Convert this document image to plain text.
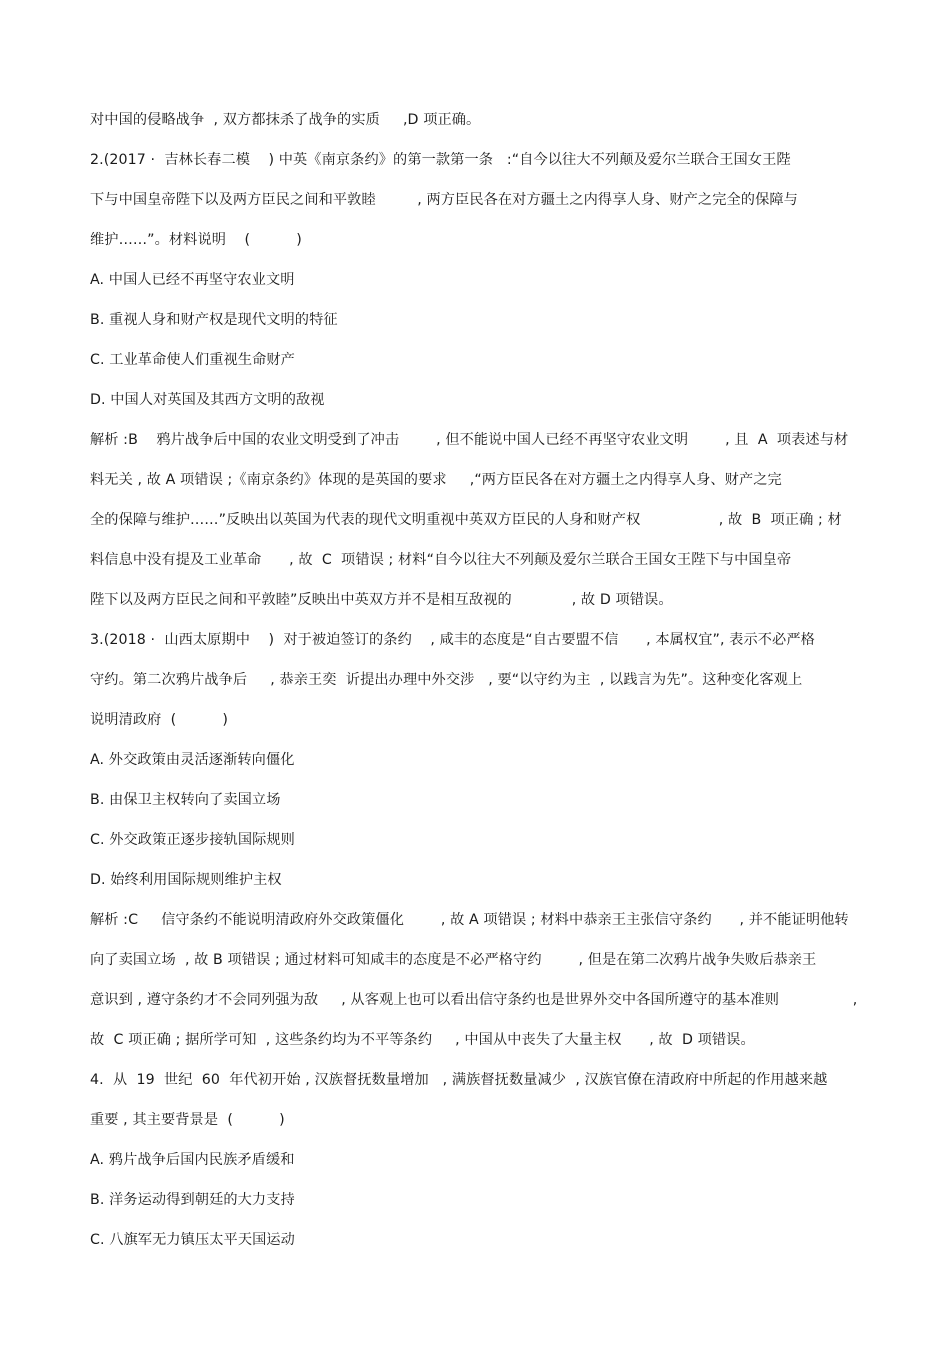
对中国的侵略战争  , 双方都抹杀了战争的实质     ,D 项正确。
2.(2017 ·  吉林长春二模    ) 中英《南京条约》的第一款第一条   :“自今以往大不列颠及爱尔兰联合王国女王陛
下与中国皇帝陛下以及两方臣民之间和平敦睦         , 两方臣民各在对方疆土之内得享人身、财产之完全的保障与
维护……”。材料说明    (          )
A. 中国人已经不再坚守农业文明
B. 重视人身和财产权是现代文明的特征
C. 工业革命使人们重视生命财产
D. 中国人对英国及其西方文明的敌视
解析 :B    鸦片战争后中国的农业文明受到了冲击        , 但不能说中国人已经不再坚守农业文明        , 且  A  项表述与材
料无关 , 故 A 项错误 ;《南京条约》体现的是英国的要求     ,“两方臣民各在对方疆土之内得享人身、财产之完
全的保障与维护……”反映出以英国为代表的现代文明重视中英双方臣民的人身和财产权                 , 故  B  项正确 ; 材
料信息中没有提及工业革命      , 故  C  项错误 ; 材料“自今以往大不列颠及爱尔兰联合王国女王陛下与中国皇帝
陛下以及两方臣民之间和平敦睦”反映出中英双方并不是相互敌视的             , 故 D 项错误。
3.(2018 ·  山西太原期中    )  对于被迫签订的条约    , 咸丰的态度是“自古要盟不信      , 本属权宜”, 表示不必严格
守约。第二次鸦片战争后     , 恭亲王奕  䜣提出办理中外交涉   , 要“以守约为主  , 以践言为先”。这种变化客观上
说明清政府  (          )
A. 外交政策由灵活逐渐转向僵化
B. 由保卫主权转向了卖国立场
C. 外交政策正逐步接轨国际规则
D. 始终利用国际规则维护主权
解析 :C     信守条约不能说明清政府外交政策僵化        , 故 A 项错误 ; 材料中恭亲王主张信守条约      , 并不能证明他转
向了卖国立场  , 故 B 项错误 ; 通过材料可知咸丰的态度是不必严格守约        , 但是在第二次鸦片战争失败后恭亲王
意识到 , 遵守条约才不会同列强为敌     , 从客观上也可以看出信守条约也是世界外交中各国所遵守的基本准则                ,
故  C 项正确 ; 据所学可知  , 这些条约均为不平等条约     , 中国从中丧失了大量主权      , 故  D 项错误。
4.  从  19  世纪  60  年代初开始 , 汉族督抚数量增加   , 满族督抚数量减少  , 汉族官僚在清政府中所起的作用越来越
重要 , 其主要背景是  (          )
A. 鸦片战争后国内民族矛盾缓和
B. 洋务运动得到朝廷的大力支持
C. 八旗军无力镇压太平天国运动
